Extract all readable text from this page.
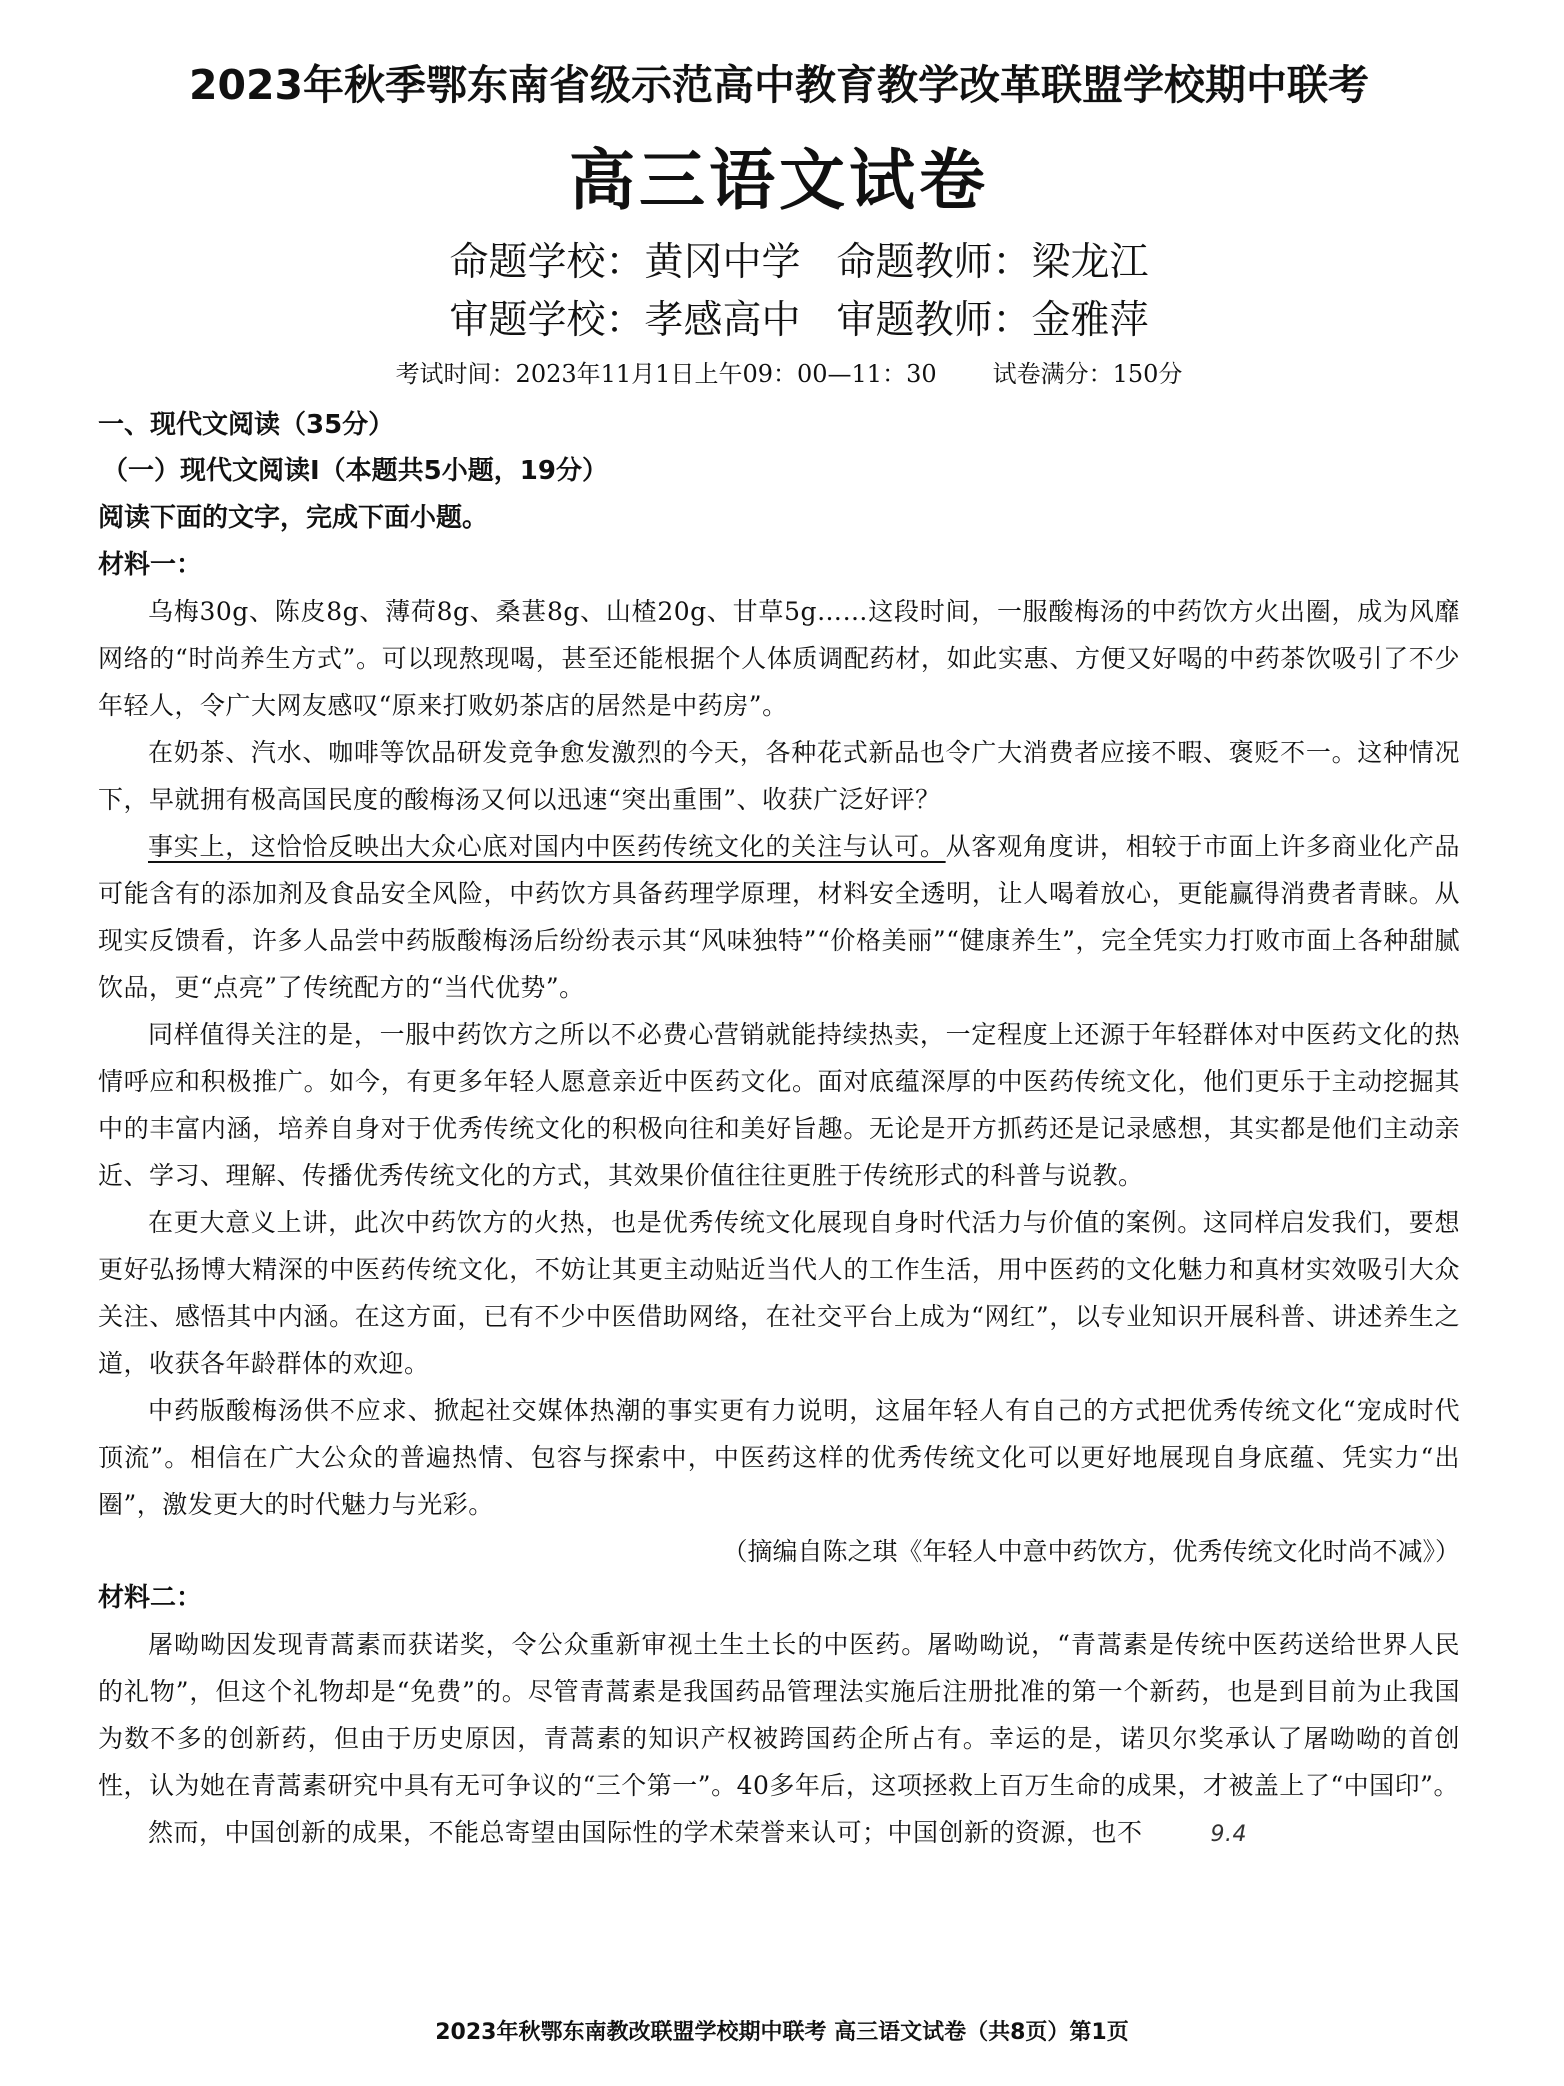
2023年秋季鄂东南省级示范高中教育教学改革联盟学校期中联考
高三语文试卷
命题学校：黄冈中学 命题教师：梁龙江
审题学校：孝感高中 审题教师：金雅萍
考试时间：2023年11月1日上午09：00—11：30 试卷满分：150分
一、现代文阅读（35分）
（一）现代文阅读Ⅰ（本题共5小题，19分）
阅读下面的文字，完成下面小题。
材料一：

乌梅30g、陈皮8g、薄荷8g、桑葚8g、山楂20g、甘草5g……这段时间，一服酸梅汤的中药饮方火出圈，成为风靡网络的“时尚养生方式”。可以现熬现喝，甚至还能根据个人体质调配药材，如此实惠、方便又好喝的中药茶饮吸引了不少年轻人，令广大网友感叹“原来打败奶茶店的居然是中药房”。

在奶茶、汽水、咖啡等饮品研发竞争愈发激烈的今天，各种花式新品也令广大消费者应接不暇、褒贬不一。这种情况下，早就拥有极高国民度的酸梅汤又何以迅速“突出重围”、收获广泛好评？

事实上，这恰恰反映出大众心底对国内中医药传统文化的关注与认可。从客观角度讲，相较于市面上许多商业化产品可能含有的添加剂及食品安全风险，中药饮方具备药理学原理，材料安全透明，让人喝着放心，更能赢得消费者青睐。从现实反馈看，许多人品尝中药版酸梅汤后纷纷表示其“风味独特”“价格美丽”“健康养生”，完全凭实力打败市面上各种甜腻饮品，更“点亮”了传统配方的“当代优势”。

同样值得关注的是，一服中药饮方之所以不必费心营销就能持续热卖，一定程度上还源于年轻群体对中医药文化的热情呼应和积极推广。如今，有更多年轻人愿意亲近中医药文化。面对底蕴深厚的中医药传统文化，他们更乐于主动挖掘其中的丰富内涵，培养自身对于优秀传统文化的积极向往和美好旨趣。无论是开方抓药还是记录感想，其实都是他们主动亲近、学习、理解、传播优秀传统文化的方式，其效果价值往往更胜于传统形式的科普与说教。

在更大意义上讲，此次中药饮方的火热，也是优秀传统文化展现自身时代活力与价值的案例。这同样启发我们，要想更好弘扬博大精深的中医药传统文化，不妨让其更主动贴近当代人的工作生活，用中医药的文化魅力和真材实效吸引大众关注、感悟其中内涵。在这方面，已有不少中医借助网络，在社交平台上成为“网红”，以专业知识开展科普、讲述养生之道，收获各年龄群体的欢迎。

中药版酸梅汤供不应求、掀起社交媒体热潮的事实更有力说明，这届年轻人有自己的方式把优秀传统文化“宠成时代顶流”。相信在广大公众的普遍热情、包容与探索中，中医药这样的优秀传统文化可以更好地展现自身底蕴、凭实力“出圈”，激发更大的时代魅力与光彩。

（摘编自陈之琪《年轻人中意中药饮方，优秀传统文化时尚不减》）

材料二：

屠呦呦因发现青蒿素而获诺奖，令公众重新审视土生土长的中医药。屠呦呦说，“青蒿素是传统中医药送给世界人民的礼物”，但这个礼物却是“免费”的。尽管青蒿素是我国药品管理法实施后注册批准的第一个新药，也是到目前为止我国为数不多的创新药，但由于历史原因，青蒿素的知识产权被跨国药企所占有。幸运的是，诺贝尔奖承认了屠呦呦的首创性，认为她在青蒿素研究中具有无可争议的“三个第一”。40多年后，这项拯救上百万生命的成果，才被盖上了“中国印”。

然而，中国创新的成果，不能总寄望由国际性的学术荣誉来认可；中国创新的资源，也不	9.4

2023年秋鄂东南教改联盟学校期中联考 高三语文试卷（共8页）第1页
